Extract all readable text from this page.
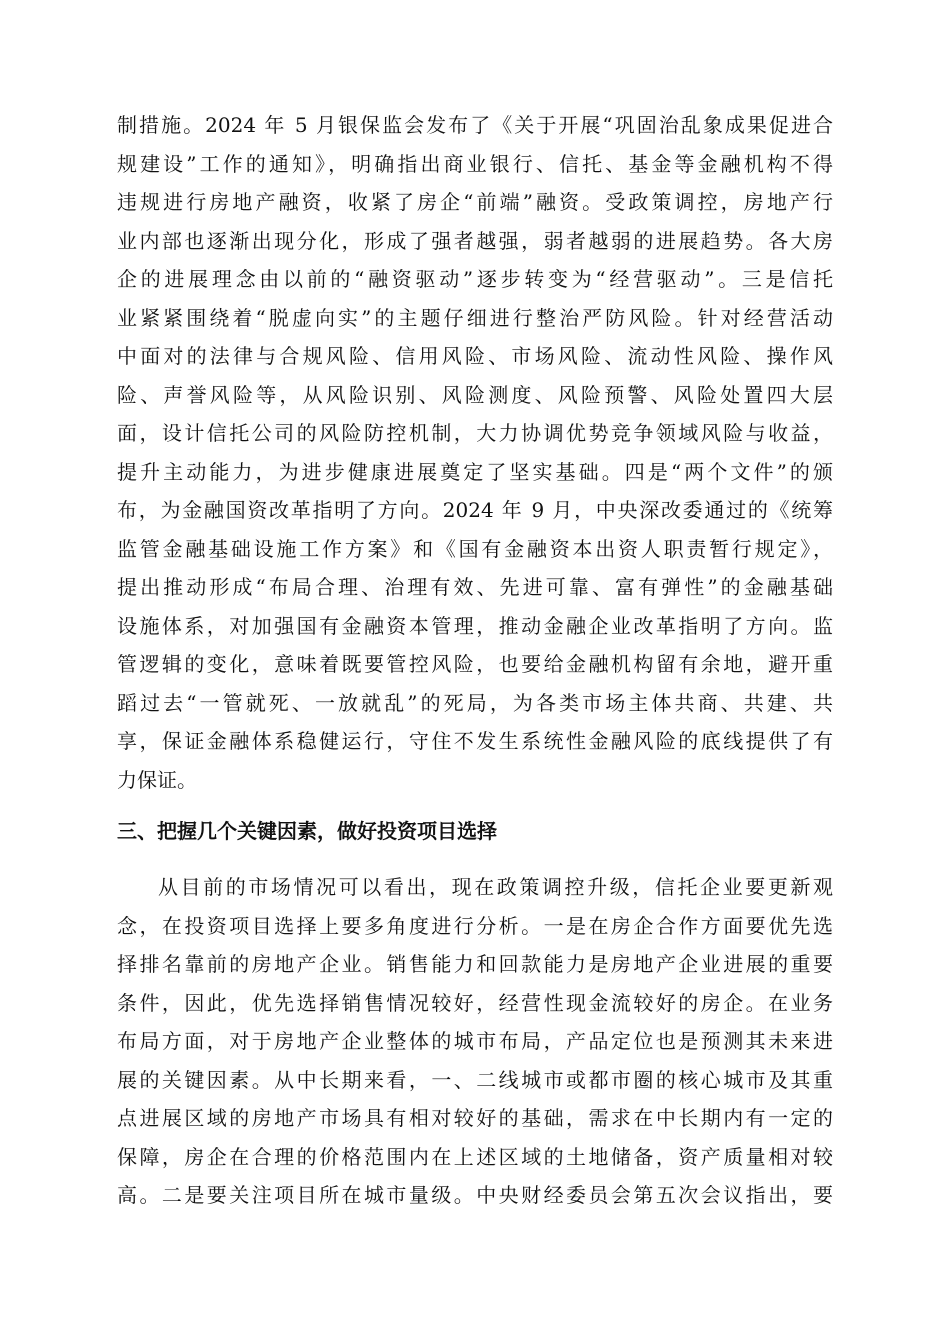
制措施。2024 年 5 月银保监会发布了《关于开展“巩固治乱象成果促进合
规建设”工作的通知》，明确指出商业银行、信托、基金等金融机构不得
违规进行房地产融资，收紧了房企“前端”融资。受政策调控，房地产行
业内部也逐渐出现分化，形成了强者越强，弱者越弱的进展趋势。各大房
企的进展理念由以前的“融资驱动”逐步转变为“经营驱动”。三是信托
业紧紧围绕着“脱虚向实”的主题仔细进行整治严防风险。针对经营活动
中面对的法律与合规风险、信用风险、市场风险、流动性风险、操作风
险、声誉风险等，从风险识别、风险测度、风险预警、风险处置四大层
面，设计信托公司的风险防控机制，大力协调优势竞争领域风险与收益，
提升主动能力，为进步健康进展奠定了坚实基础。四是“两个文件”的颁
布，为金融国资改革指明了方向。2024 年 9 月，中央深改委通过的《统筹
监管金融基础设施工作方案》和《国有金融资本出资人职责暂行规定》，
提出推动形成“布局合理、治理有效、先进可靠、富有弹性”的金融基础
设施体系，对加强国有金融资本管理，推动金融企业改革指明了方向。监
管逻辑的变化，意味着既要管控风险，也要给金融机构留有余地，避开重
蹈过去“一管就死、一放就乱”的死局，为各类市场主体共商、共建、共
享，保证金融体系稳健运行，守住不发生系统性金融风险的底线提供了有
力保证。
三、把握几个关键因素，做好投资项目选择
从目前的市场情况可以看出，现在政策调控升级，信托企业要更新观
念，在投资项目选择上要多角度进行分析。一是在房企合作方面要优先选
择排名靠前的房地产企业。销售能力和回款能力是房地产企业进展的重要
条件，因此，优先选择销售情况较好，经营性现金流较好的房企。在业务
布局方面，对于房地产企业整体的城市布局，产品定位也是预测其未来进
展的关键因素。从中长期来看，一、二线城市或都市圈的核心城市及其重
点进展区域的房地产市场具有相对较好的基础，需求在中长期内有一定的
保障，房企在合理的价格范围内在上述区域的土地储备，资产质量相对较
高。二是要关注项目所在城市量级。中央财经委员会第五次会议指出，要
